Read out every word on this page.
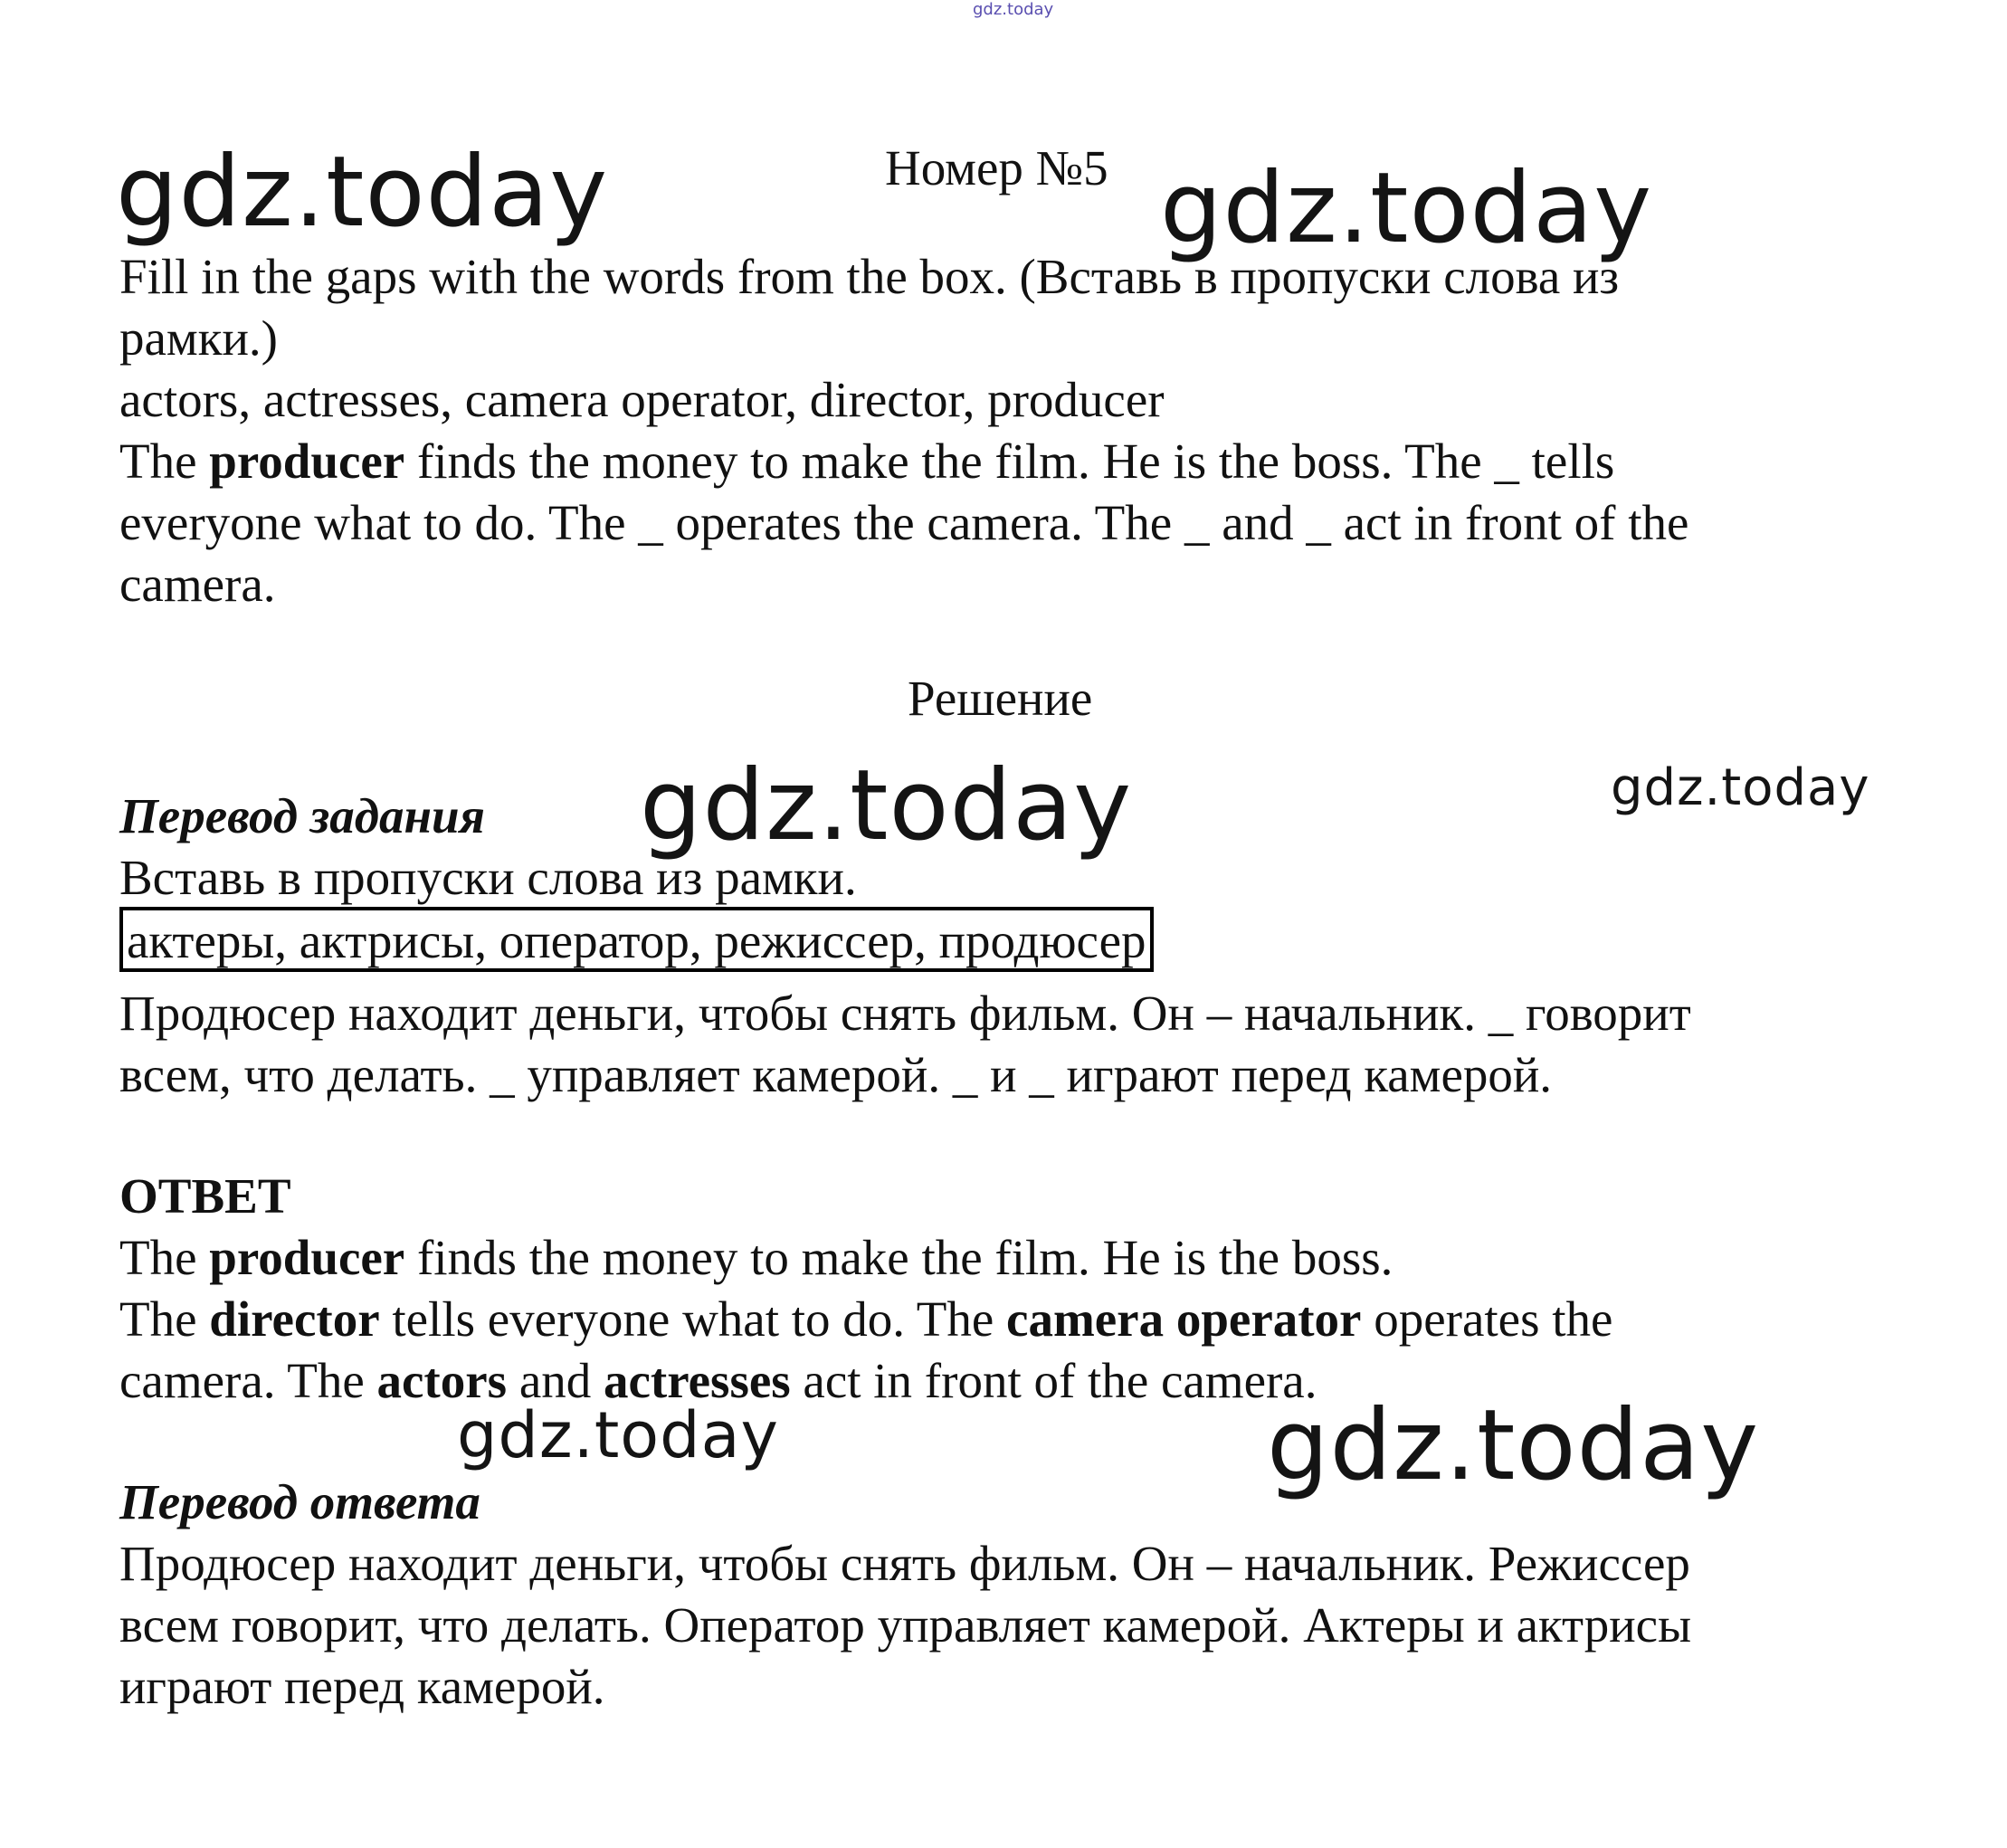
gdz.today
gdz.today	gdz.today
gdz.today	gdz.today
gdz.today	gdz.today

Номер №5

Fill in the gaps with the words from the box. (Вставь в пропуски слова из

рамки.)

actors, actresses, camera operator, director, producer

The producer finds the money to make the film. He is the boss. The _ tells

everyone what to do. The _ operates the camera. The _ and _ act in front of the

camera.

Решение

Перевод задания

Вставь в пропуски слова из рамки.

актеры, актрисы, оператор, режиссер, продюсер

Продюсер находит деньги, чтобы снять фильм. Он – начальник. _ говорит

всем, что делать. _ управляет камерой. _ и _ играют перед камерой.

ОТВЕТ

The producer finds the money to make the film. He is the boss.

The director tells everyone what to do. The camera operator operates the

camera. The actors and actresses act in front of the camera.

Перевод ответа

Продюсер находит деньги, чтобы снять фильм. Он – начальник. Режиссер

всем говорит, что делать. Оператор управляет камерой. Актеры и актрисы

играют перед камерой.
